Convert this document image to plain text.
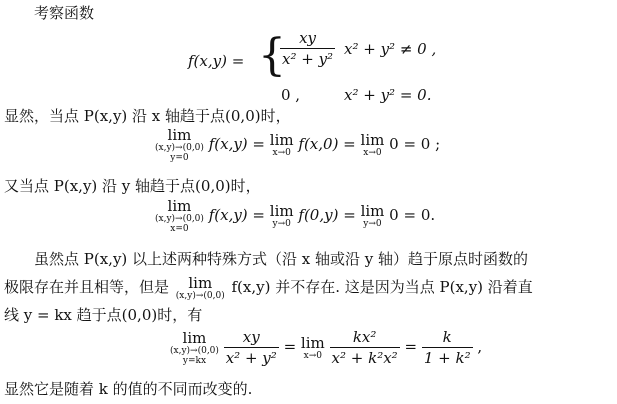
考察函数
f(x,y) = {
$\frac{xy}{\text{x² + y²}} x^2 + y^2 \ne 0$ ,
0 ,	x² + y² = 0.
显然，当点 P(x,y) 沿 x 轴趋于点(0,0)时，
lim
(x,y)→(0,0)
y=0
f(x,y) = lim
x→0 f(x,0) = lim
x→0 0 = 0 ;
又当点 P(x,y) 沿 y 轴趋于点(0,0)时，
lim
(x,y)→(0,0)
x=0
f(x,y) = lim
y→0 f(0,y) = lim
y→0 0 = 0.
虽然点 P(x,y) 以上述两种特殊方式（沿 x 轴或沿 y 轴）趋于原点时函数的
极限存在并且相等，但是 lim
(x,y)→(0,0) f(x,y) 并不存在. 这是因为当点 P(x,y) 沿着直
线 y = kx 趋于点(0,0)时，有
lim
(x,y)→(0,0)
y=kx
$\frac{xy}{\text{x² + y²}} = \lim$
x→0
$\frac{\text{kx²}}{\text{x² + k²x²}} = \frac{k}{\text{1 + k²}}$ ,
显然它是随着 k 的值的不同而改变的.
